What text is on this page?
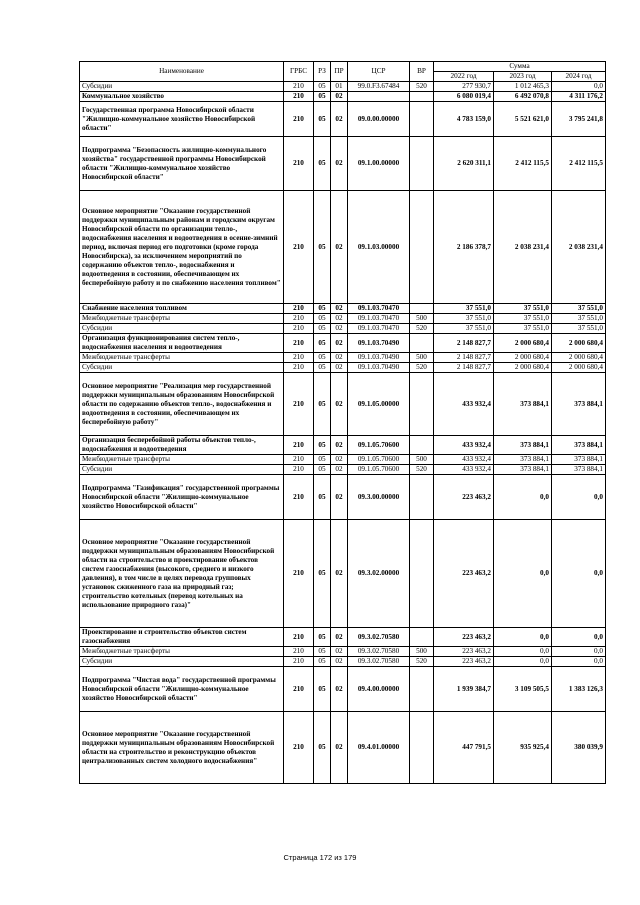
Наименование	ГРБС	РЗ	ПР	ЦСР	ВР	Сумма		
						2022 год	2023 год	2024 год
Субсидии	210	05	01	99.0.F3.67484	520	277 930,7	1 012 465,3	0,0
Коммунальное хозяйство	210	05	02			6 080 019,4	6 492 070,8	4 311 176,2
Государственная программа Новосибирской области "Жилищно-коммунальное хозяйство Новосибирской области"	210	05	02	09.0.00.00000		4 783 159,0	5 521 621,0	3 795 241,8
Подпрограмма "Безопасность жилищно-коммунального хозяйства" государственной программы Новосибирской области "Жилищно-коммунальное хозяйство Новосибирской области"	210	05	02	09.1.00.00000		2 620 311,1	2 412 115,5	2 412 115,5
Основное мероприятие "Оказание государственной поддержки муниципальным районам и городским округам Новосибирской области по организации тепло-, водоснабжения населения и водоотведения в осенне-зимний период, включая период его подготовки (кроме города Новосибирска), за исключением мероприятий по содержанию объектов тепло-, водоснабжения и водоотведения в состоянии, обеспечивающем их бесперебойную работу и по снабжению населения топливом"	210	05	02	09.1.03.00000		2 186 378,7	2 038 231,4	2 038 231,4
Снабжение населения топливом	210	05	02	09.1.03.70470		37 551,0	37 551,0	37 551,0
Межбюджетные трансферты	210	05	02	09.1.03.70470	500	37 551,0	37 551,0	37 551,0
Субсидии	210	05	02	09.1.03.70470	520	37 551,0	37 551,0	37 551,0
Организация функционирования систем тепло-, водоснабжения населения и водоотведения	210	05	02	09.1.03.70490		2 148 827,7	2 000 680,4	2 000 680,4
Межбюджетные трансферты	210	05	02	09.1.03.70490	500	2 148 827,7	2 000 680,4	2 000 680,4
Субсидии	210	05	02	09.1.03.70490	520	2 148 827,7	2 000 680,4	2 000 680,4
Основное мероприятие "Реализация мер государственной поддержки муниципальным образованиям Новосибирской области по содержанию объектов тепло-, водоснабжения и водоотведения в состоянии, обеспечивающем их бесперебойную работу"	210	05	02	09.1.05.00000		433 932,4	373 884,1	373 884,1
Организация бесперебойной работы объектов тепло-, водоснабжения и водоотведения	210	05	02	09.1.05.70600		433 932,4	373 884,1	373 884,1
Межбюджетные трансферты	210	05	02	09.1.05.70600	500	433 932,4	373 884,1	373 884,1
Субсидии	210	05	02	09.1.05.70600	520	433 932,4	373 884,1	373 884,1
Подпрограмма "Газификация" государственной программы Новосибирской области "Жилищно-коммунальное хозяйство Новосибирской области"	210	05	02	09.3.00.00000		223 463,2	0,0	0,0
Основное мероприятие "Оказание государственной поддержки муниципальным образованиям Новосибирской области на строительство и проектирование объектов систем газоснабжения (высокого, среднего и низкого давления), в том числе в целях перевода групповых установок сжиженного газа на природный газ; строительство котельных (перевод котельных на использование природного газа)"	210	05	02	09.3.02.00000		223 463,2	0,0	0,0
Проектирование и строительство объектов систем газоснабжения	210	05	02	09.3.02.70580		223 463,2	0,0	0,0
Межбюджетные трансферты	210	05	02	09.3.02.70580	500	223 463,2	0,0	0,0
Субсидии	210	05	02	09.3.02.70580	520	223 463,2	0,0	0,0
Подпрограмма "Чистая вода" государственной программы Новосибирской области "Жилищно-коммунальное хозяйство Новосибирской области"	210	05	02	09.4.00.00000		1 939 384,7	3 109 505,5	1 383 126,3
Основное мероприятие "Оказание государственной поддержки муниципальным образованиям Новосибирской области на строительство и реконструкцию объектов централизованных систем холодного водоснабжения"	210	05	02	09.4.01.00000		447 791,5	935 925,4	380 039,9
Страница 172 из 179
